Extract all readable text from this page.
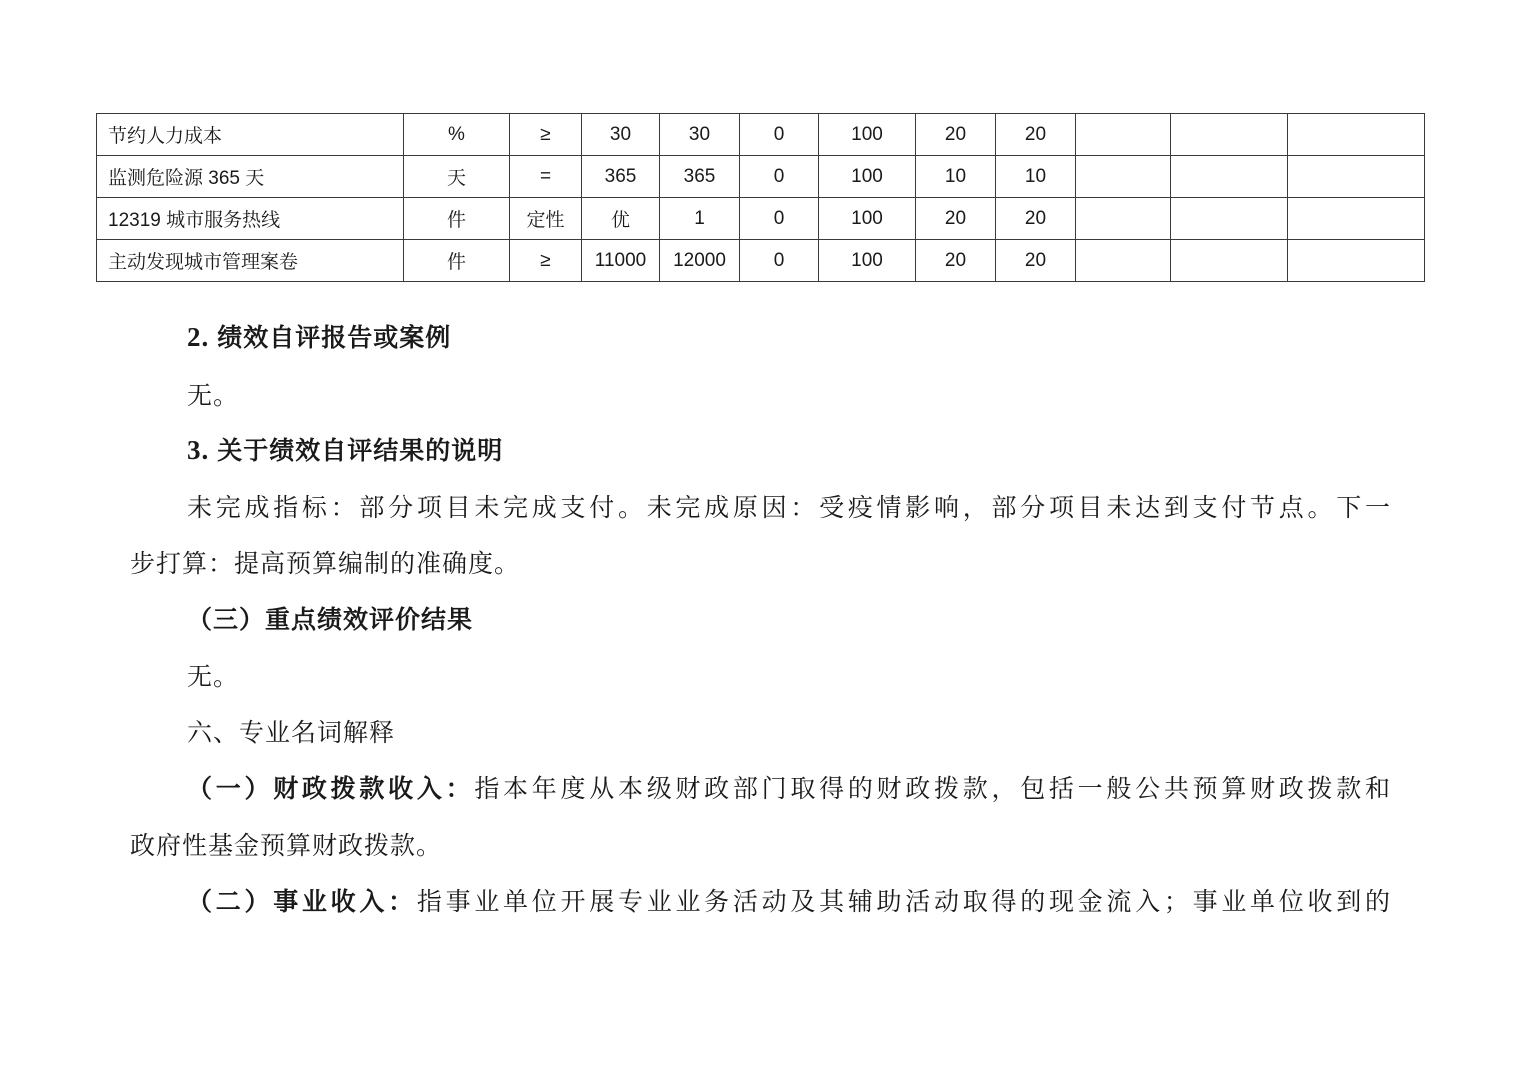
节约人力成本	%	≥	30	30	0	100	20	20			
监测危险源 365 天	天	=	365	365	0	100	10	10			
12319 城市服务热线	件	定性	优	1	0	100	20	20			
主动发现城市管理案卷	件	≥	11000	12000	0	100	20	20			
2. 绩效自评报告或案例
无。
3. 关于绩效自评结果的说明
未完成指标：部分项目未完成支付。未完成原因：受疫情影响，部分项目未达到支付节点。下一
步打算：提高预算编制的准确度。
（三）重点绩效评价结果
无。
六、专业名词解释
（一）财政拨款收入：指本年度从本级财政部门取得的财政拨款，包括一般公共预算财政拨款和
政府性基金预算财政拨款。
（二）事业收入：指事业单位开展专业业务活动及其辅助活动取得的现金流入；事业单位收到的
